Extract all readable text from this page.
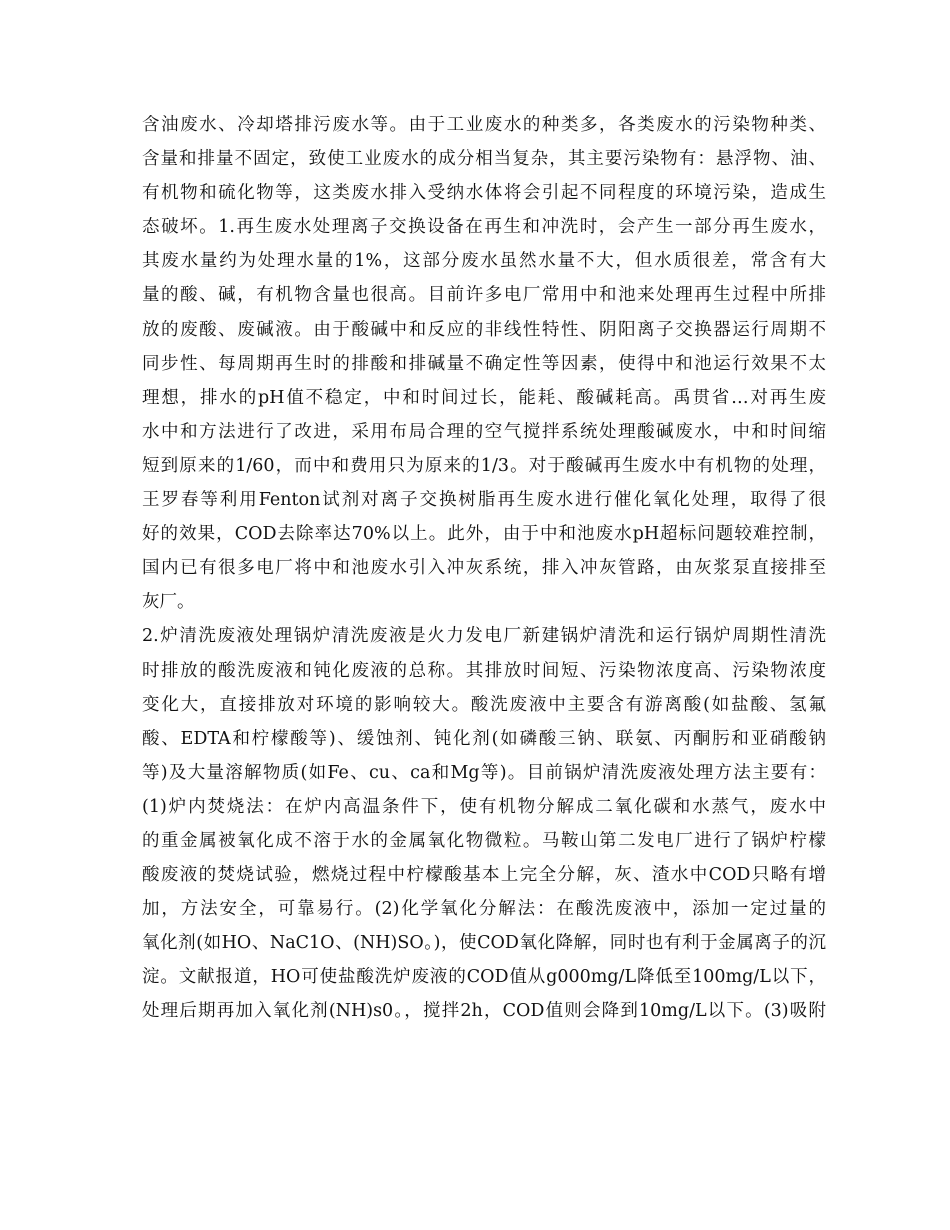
含油废水、冷却塔排污废水等。由于工业废水的种类多，各类废水的污染物种类、
含量和排量不固定，致使工业废水的成分相当复杂，其主要污染物有：悬浮物、油、
有机物和硫化物等，这类废水排入受纳水体将会引起不同程度的环境污染，造成生
态破坏。1.再生废水处理离子交换设备在再生和冲洗时，会产生一部分再生废水，
其废水量约为处理水量的1%，这部分废水虽然水量不大，但水质很差，常含有大
量的酸、碱，有机物含量也很高。目前许多电厂常用中和池来处理再生过程中所排
放的废酸、废碱液。由于酸碱中和反应的非线性特性、阴阳离子交换器运行周期不
同步性、每周期再生时的排酸和排碱量不确定性等因素，使得中和池运行效果不太
理想，排水的pH值不稳定，中和时间过长，能耗、酸碱耗高。禹贯省…对再生废
水中和方法进行了改进，采用布局合理的空气搅拌系统处理酸碱废水，中和时间缩
短到原来的1/60，而中和费用只为原来的1/3。对于酸碱再生废水中有机物的处理，
王罗春等利用Fenton试剂对离子交换树脂再生废水进行催化氧化处理，取得了很
好的效果，COD去除率达70%以上。此外，由于中和池废水pH超标问题较难控制，
国内已有很多电厂将中和池废水引入冲灰系统，排入冲灰管路，由灰浆泵直接排至
灰厂。
2.炉清洗废液处理锅炉清洗废液是火力发电厂新建锅炉清洗和运行锅炉周期性清洗
时排放的酸洗废液和钝化废液的总称。其排放时间短、污染物浓度高、污染物浓度
变化大，直接排放对环境的影响较大。酸洗废液中主要含有游离酸(如盐酸、氢氟
酸、EDTA和柠檬酸等)、缓蚀剂、钝化剂(如磷酸三钠、联氨、丙酮肟和亚硝酸钠
等)及大量溶解物质(如Fe、cu、ca和Mg等)。目前锅炉清洗废液处理方法主要有：
(1)炉内焚烧法：在炉内高温条件下，使有机物分解成二氧化碳和水蒸气，废水中
的重金属被氧化成不溶于水的金属氧化物微粒。马鞍山第二发电厂进行了锅炉柠檬
酸废液的焚烧试验，燃烧过程中柠檬酸基本上完全分解，灰、渣水中COD只略有增
加，方法安全，可靠易行。(2)化学氧化分解法：在酸洗废液中，添加一定过量的
氧化剂(如HO、NaC1O、(NH)SO。)，使COD氧化降解，同时也有利于金属离子的沉
淀。文献报道，HO可使盐酸洗炉废液的COD值从g000mg/L降低至100mg/L以下，
处理后期再加入氧化剂(NH)s0。，搅拌2h，COD值则会降到10mg/L以下。(3)吸附
